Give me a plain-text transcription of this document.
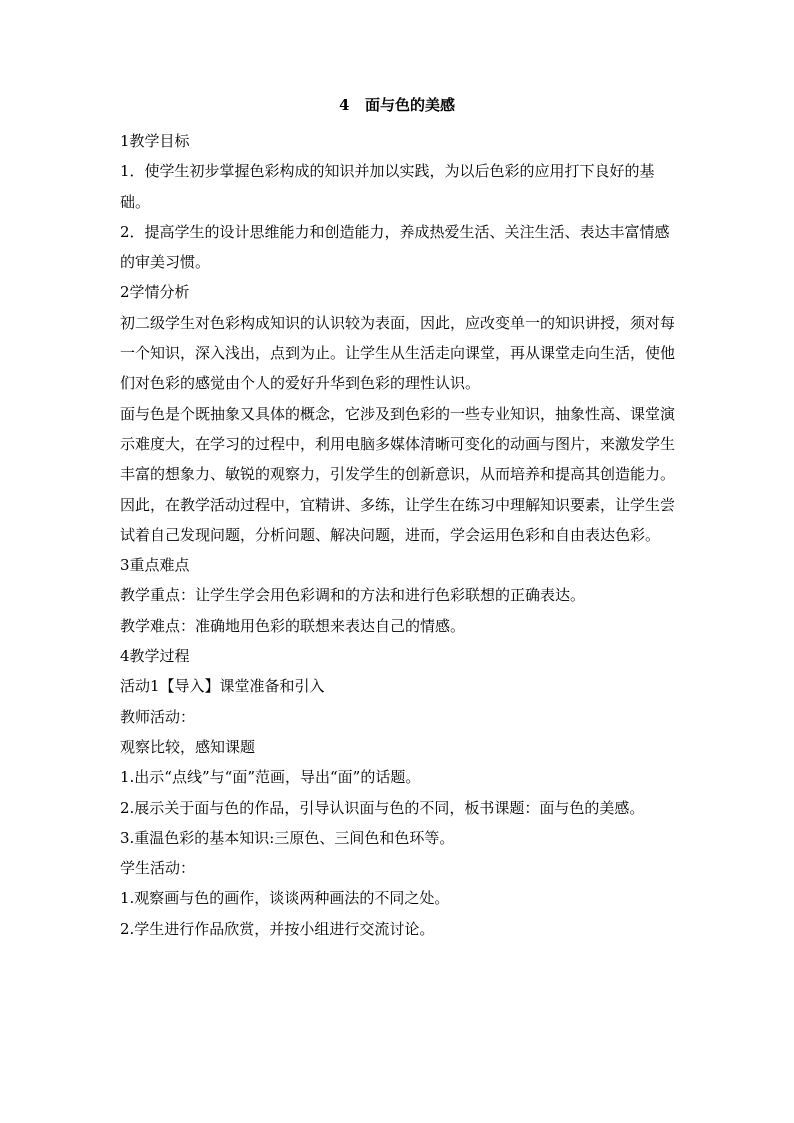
4   面与色的美感

1教学目标

1．使学生初步掌握色彩构成的知识并加以实践，为以后色彩的应用打下良好的基础。

2．提高学生的设计思维能力和创造能力，养成热爱生活、关注生活、表达丰富情感的审美习惯。

2学情分析

初二级学生对色彩构成知识的认识较为表面，因此，应改变单一的知识讲授，须对每一个知识，深入浅出，点到为止。让学生从生活走向课堂，再从课堂走向生活，使他们对色彩的感觉由个人的爱好升华到色彩的理性认识。

面与色是个既抽象又具体的概念，它涉及到色彩的一些专业知识，抽象性高、课堂演示难度大，在学习的过程中，利用电脑多媒体清晰可变化的动画与图片，来激发学生丰富的想象力、敏锐的观察力，引发学生的创新意识，从而培养和提高其创造能力。因此，在教学活动过程中，宜精讲、多练，让学生在练习中理解知识要素，让学生尝试着自己发现问题，分析问题、解决问题，进而，学会运用色彩和自由表达色彩。

3重点难点

教学重点：让学生学会用色彩调和的方法和进行色彩联想的正确表达。

教学难点：准确地用色彩的联想来表达自己的情感。

4教学过程

活动1【导入】课堂准备和引入

教师活动：

观察比较，感知课题

1.出示“点线”与“面”范画，导出“面”的话题。

2.展示关于面与色的作品，引导认识面与色的不同，板书课题：面与色的美感。

3.重温色彩的基本知识:三原色、三间色和色环等。

学生活动：

1.观察画与色的画作，谈谈两种画法的不同之处。

2.学生进行作品欣赏，并按小组进行交流讨论。
